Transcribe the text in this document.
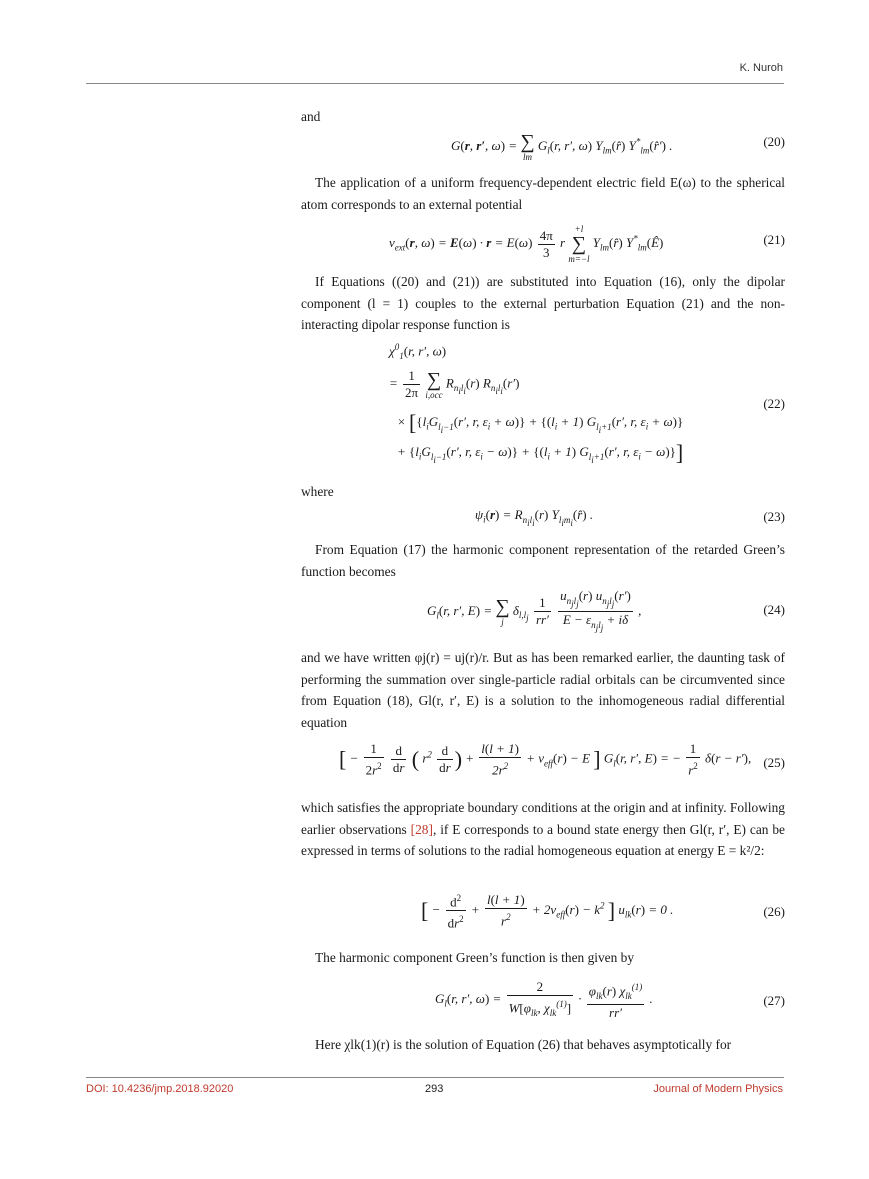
K. Nuroh

and

G(r, r′, ω) = ∑
lm
$G_l(r$, r′, ω) $Y_{lm}(r̂)$ $Y^*_{lm}(r̂')$ .	(20)

The application of a uniform frequency-dependent electric field E(ω) to the spherical atom corresponds to an external potential

$v_{ext}(r$, $\omega) = E(\omega) \cdot r = E(\omega) \frac{4\pi}{3}$ r
+l
∑
m=−l
$Y_{lm}(r̂)$ $Y^*_{lm}(Ê)$	(21)

If Equations ((20) and (21)) are substituted into Equation (16), only the dipolar component (l = 1) couples to the external perturbation Equation (21) and the non-interacting dipolar response function is

$\chi^0_1(r$, r′, ω)
= $\frac{1}{2\pi}$
∑
i,occ
$R_{n_il_i}(r)$ $R_{n_il_i}(r')$
× [{$l_iG_{l_i-1}(r'$, r, $\varepsilon_i + \omega)\} + \{(l_i + 1)$ $G_{l_i+1}(r'$, r, $\varepsilon_i + \omega$)}
+ {$l_iG_{l_i-1}(r'$, r, $\varepsilon_i - \omega)\} + \{(l_i + 1)$ $G_{l_i+1}(r'$, r, $\varepsilon_i - \omega$)}]
(22)

where

$\psi_i(r) = R_{n_il_i}(r)$ $Y_{l_im_i}(r̂)$ .	(23)

From Equation (17) the harmonic component representation of the retarded Green’s function becomes

$G_l(r$, r′, E) = ∑
j
$\delta_{l,l_j} \frac{1}{rr'}$
$\frac{u_{n_jl_j}(r) u_{n_jl_j}(r')}{E - \varepsilon_{n_jl_j} + i\delta}$ ,	(24)

and we have written φj(r) = uj(r)/r. But as has been remarked earlier, the daunting task of performing the summation over single-particle radial orbitals can be circumvented since from Equation (18), Gl(r, r′, E) is a solution to the inhomogeneous radial differential equation

[ − $\frac{1}{2r^2}$
$\frac{d}{dr}$ ( $r^2 \frac{d}{dr}$ ) + $\frac{l(l + 1)}{2r^2} + v_{eff}(r) - E$ ] $G_l(r$, r′, E) = − $\frac{1}{r^2} \delta(r - r')$, (25)

which satisfies the appropriate boundary conditions at the origin and at infinity. Following earlier observations [28], if E corresponds to a bound state energy then Gl(r, r′, E) can be expressed in terms of solutions to the radial homogeneous equation at energy E = k²/2:

[ − $\frac{d^2}{dr^2} + \frac{l(l + 1)}{r^2} + 2v_{eff}(r) - k^2$ ] $u_{lk}(r) = 0$ .	(26)

The harmonic component Green’s function is then given by

$G_l(r$, r′, $\omega) = \frac{2}{W[\varphi_{lk}, \chi_{lk}^{(1)}]} \cdot \frac{\varphi_{lk}(r) \chi_{lk}^{(1)}}{rr'}$ .	(27)

Here χlk(1)(r) is the solution of Equation (26) that behaves asymptotically for

DOI: 10.4236/jmp.2018.92020	293	Journal of Modern Physics
